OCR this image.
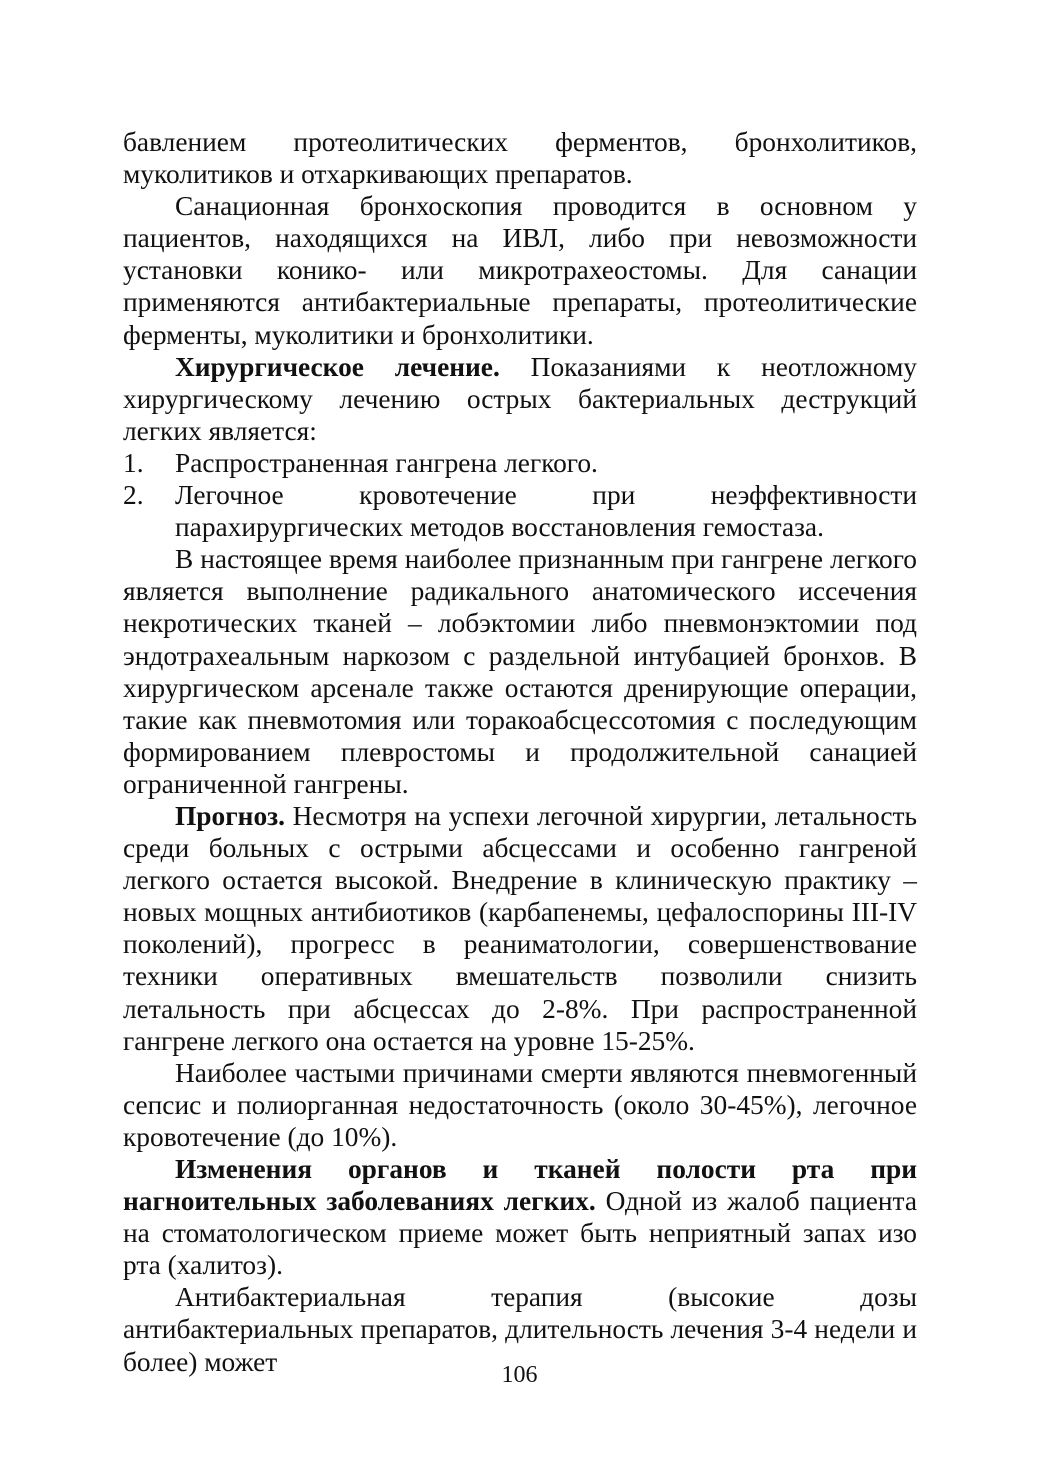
бавлением протеолитических ферментов, бронхолитиков, муколитиков и отхаркивающих препаратов.

Санационная бронхоскопия проводится в основном у пациентов, находящихся на ИВЛ, либо при невозможности установки конико- или микротрахеостомы. Для санации применяются антибактериальные препараты, протеолитические ферменты, муколитики и бронхолитики.

Хирургическое лечение. Показаниями к неотложному хирургическому лечению острых бактериальных деструкций легких является:

1. Распространенная гангрена легкого.
2. Легочное кровотечение при неэффективности парахирургических методов восстановления гемостаза.

В настоящее время наиболее признанным при гангрене легкого является выполнение радикального анатомического иссечения некротических тканей – лобэктомии либо пневмонэктомии под эндотрахеальным наркозом с раздельной интубацией бронхов. В хирургическом арсенале также остаются дренирующие операции, такие как пневмотомия или торакоабсцессотомия с последующим формированием плевростомы и продолжительной санацией ограниченной гангрены.

Прогноз. Несмотря на успехи легочной хирургии, летальность среди больных с острыми абсцессами и особенно гангреной легкого остается высокой. Внедрение в клиническую практику – новых мощных антибиотиков (карбапенемы, цефалоспорины III-IV поколений), прогресс в реаниматологии, совершенствование техники оперативных вмешательств позволили снизить летальность при абсцессах до 2-8%. При распространенной гангрене легкого она остается на уровне 15-25%.

Наиболее частыми причинами смерти являются пневмогенный сепсис и полиорганная недостаточность (около 30-45%), легочное кровотечение (до 10%).

Изменения органов и тканей полости рта при нагноительных заболеваниях легких. Одной из жалоб пациента на стоматологическом приеме может быть неприятный запах изо рта (халитоз).

Антибактериальная терапия (высокие дозы антибактериальных препаратов, длительность лечения 3-4 недели и более) может	106
